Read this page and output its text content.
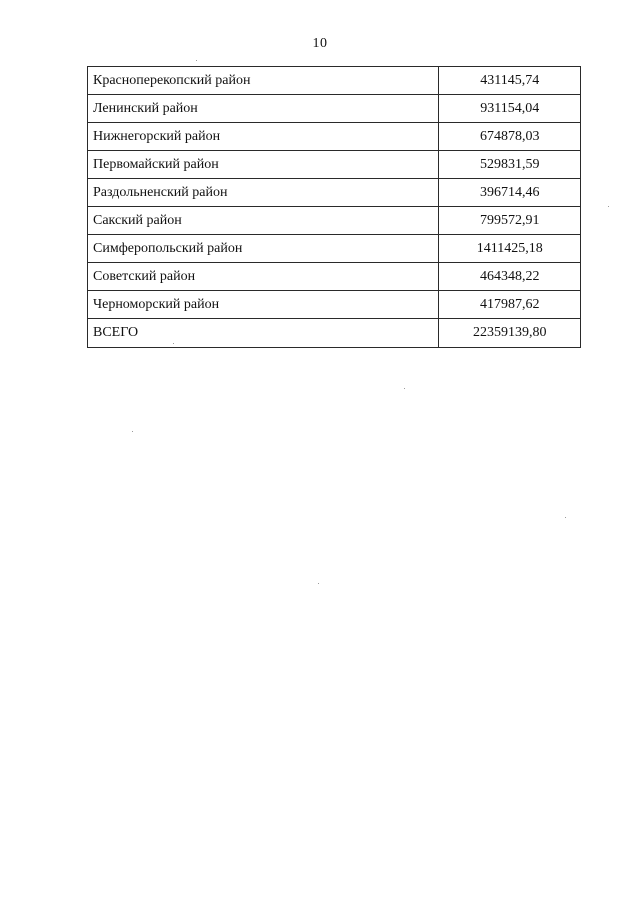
10
Красноперекопский район	431145,74
Ленинский район	931154,04
Нижнегорский район	674878,03
Первомайский район	529831,59
Раздольненский район	396714,46
Сакский район	799572,91
Симферопольский район	1411425,18
Советский район	464348,22
Черноморский район	417987,62
ВСЕГО	22359139,80
